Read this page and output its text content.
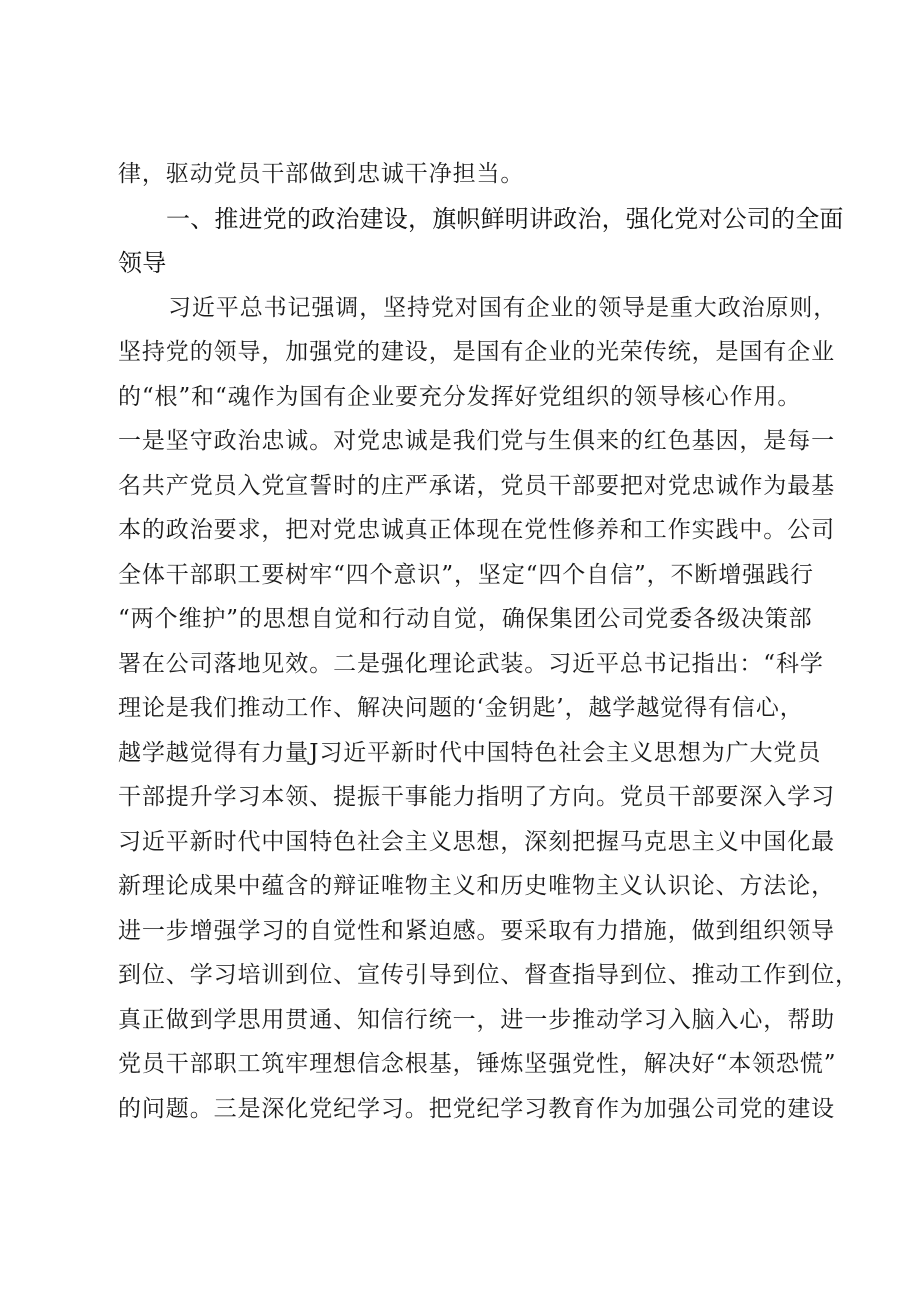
律，驱动党员干部做到忠诚干净担当。
一、推进党的政治建设，旗帜鲜明讲政治，强化党对公司的全面
领导
习近平总书记强调，坚持党对国有企业的领导是重大政治原则，
坚持党的领导，加强党的建设，是国有企业的光荣传统，是国有企业
的“根”和“魂作为国有企业要充分发挥好党组织的领导核心作用。
一是坚守政治忠诚。对党忠诚是我们党与生俱来的红色基因，是每一
名共产党员入党宣誓时的庄严承诺，党员干部要把对党忠诚作为最基
本的政治要求，把对党忠诚真正体现在党性修养和工作实践中。公司
全体干部职工要树牢“四个意识”，坚定“四个自信”，不断增强践行
“两个维护”的思想自觉和行动自觉，确保集团公司党委各级决策部
署在公司落地见效。二是强化理论武装。习近平总书记指出：“科学
理论是我们推动工作、解决问题的‘金钥匙’，越学越觉得有信心，
越学越觉得有力量J习近平新时代中国特色社会主义思想为广大党员
干部提升学习本领、提振干事能力指明了方向。党员干部要深入学习
习近平新时代中国特色社会主义思想，深刻把握马克思主义中国化最
新理论成果中蕴含的辩证唯物主义和历史唯物主义认识论、方法论，
进一步增强学习的自觉性和紧迫感。要采取有力措施，做到组织领导
到位、学习培训到位、宣传引导到位、督查指导到位、推动工作到位，
真正做到学思用贯通、知信行统一，进一步推动学习入脑入心，帮助
党员干部职工筑牢理想信念根基，锤炼坚强党性，解决好“本领恐慌”
的问题。三是深化党纪学习。把党纪学习教育作为加强公司党的建设
